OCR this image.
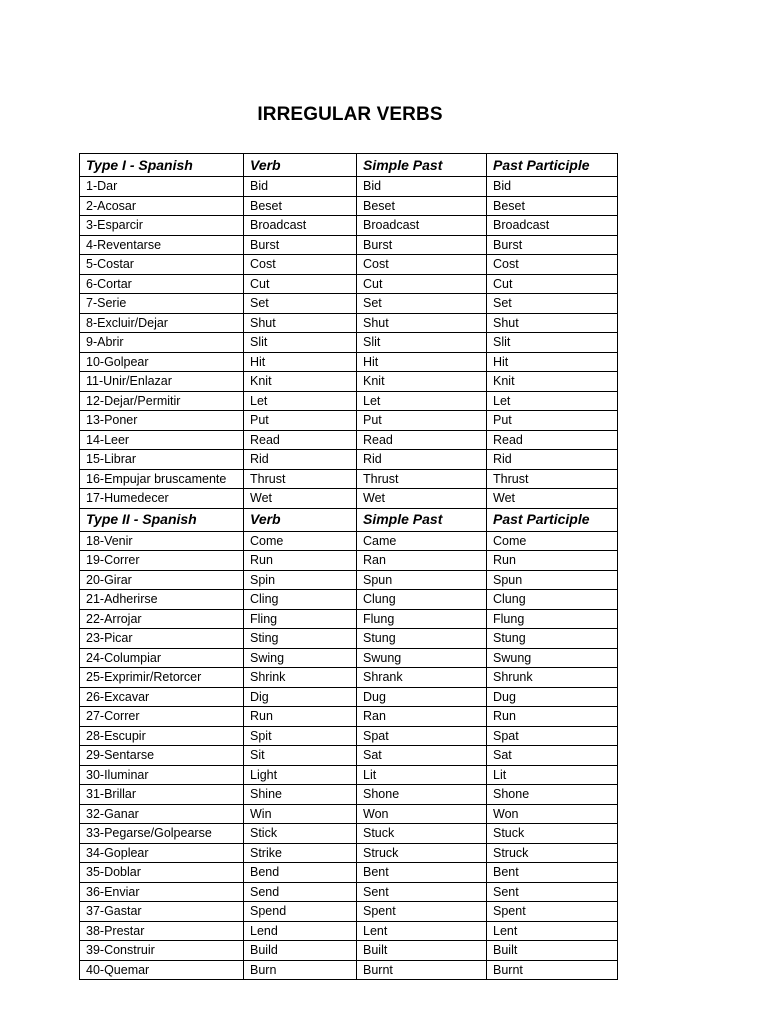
IRREGULAR VERBS
Type I - Spanish	Verb	Simple Past	Past Participle
1-Dar	Bid	Bid	Bid
2-Acosar	Beset	Beset	Beset
3-Esparcir	Broadcast	Broadcast	Broadcast
4-Reventarse	Burst	Burst	Burst
5-Costar	Cost	Cost	Cost
6-Cortar	Cut	Cut	Cut
7-Serie	Set	Set	Set
8-Excluir/Dejar	Shut	Shut	Shut
9-Abrir	Slit	Slit	Slit
10-Golpear	Hit	Hit	Hit
11-Unir/Enlazar	Knit	Knit	Knit
12-Dejar/Permitir	Let	Let	Let
13-Poner	Put	Put	Put
14-Leer	Read	Read	Read
15-Librar	Rid	Rid	Rid
16-Empujar bruscamente	Thrust	Thrust	Thrust
17-Humedecer	Wet	Wet	Wet
Type II - Spanish	Verb	Simple Past	Past Participle
18-Venir	Come	Came	Come
19-Correr	Run	Ran	Run
20-Girar	Spin	Spun	Spun
21-Adherirse	Cling	Clung	Clung
22-Arrojar	Fling	Flung	Flung
23-Picar	Sting	Stung	Stung
24-Columpiar	Swing	Swung	Swung
25-Exprimir/Retorcer	Shrink	Shrank	Shrunk
26-Excavar	Dig	Dug	Dug
27-Correr	Run	Ran	Run
28-Escupir	Spit	Spat	Spat
29-Sentarse	Sit	Sat	Sat
30-Iluminar	Light	Lit	Lit
31-Brillar	Shine	Shone	Shone
32-Ganar	Win	Won	Won
33-Pegarse/Golpearse	Stick	Stuck	Stuck
34-Goplear	Strike	Struck	Struck
35-Doblar	Bend	Bent	Bent
36-Enviar	Send	Sent	Sent
37-Gastar	Spend	Spent	Spent
38-Prestar	Lend	Lent	Lent
39-Construir	Build	Built	Built
40-Quemar	Burn	Burnt	Burnt
